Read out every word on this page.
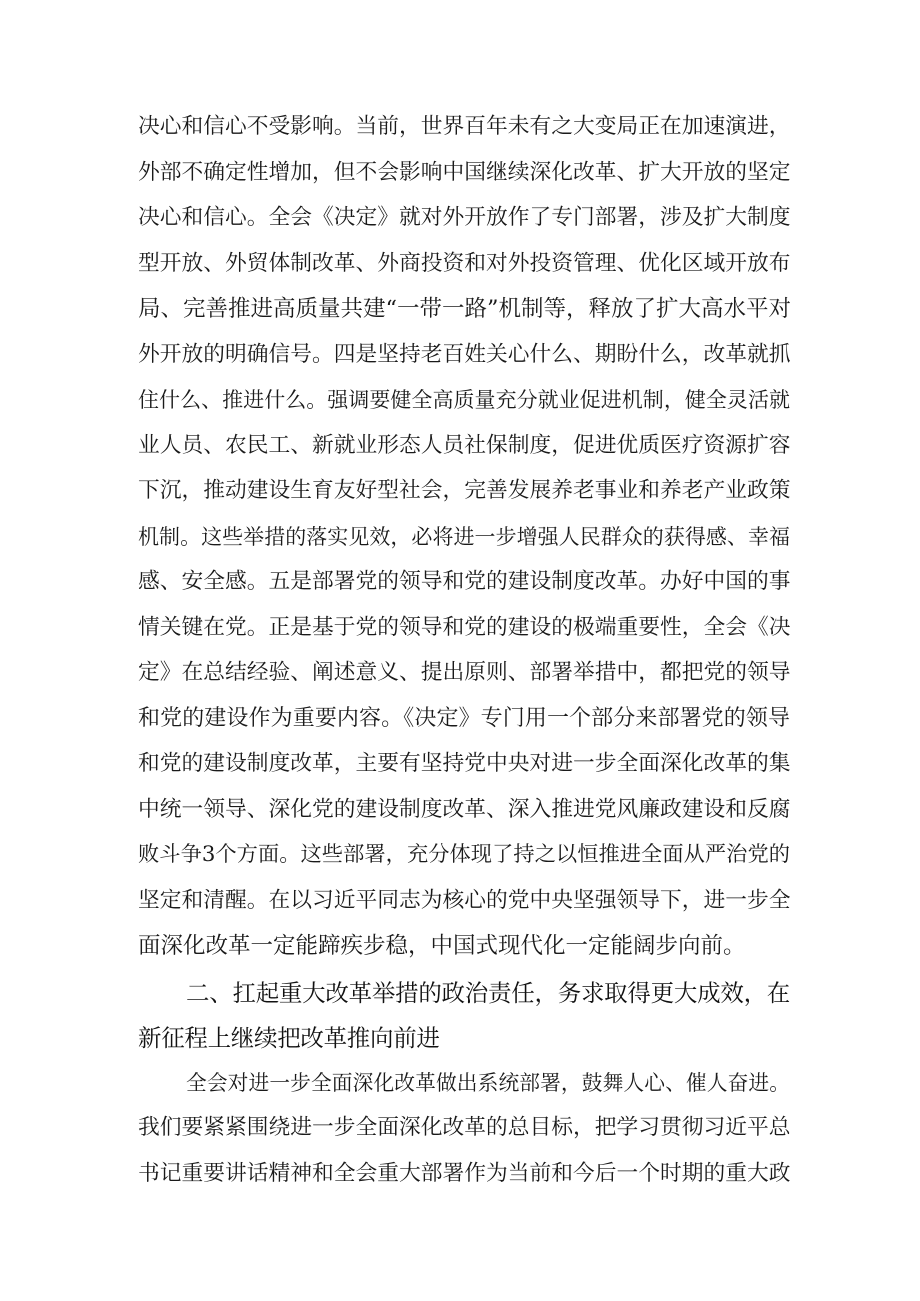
决心和信心不受影响。当前，世界百年未有之大变局正在加速演进，
外部不确定性增加，但不会影响中国继续深化改革、扩大开放的坚定
决心和信心。全会《决定》就对外开放作了专门部署，涉及扩大制度
型开放、外贸体制改革、外商投资和对外投资管理、优化区域开放布
局、完善推进高质量共建“一带一路”机制等，释放了扩大高水平对
外开放的明确信号。四是坚持老百姓关心什么、期盼什么，改革就抓
住什么、推进什么。强调要健全高质量充分就业促进机制，健全灵活就
业人员、农民工、新就业形态人员社保制度，促进优质医疗资源扩容
下沉，推动建设生育友好型社会，完善发展养老事业和养老产业政策
机制。这些举措的落实见效，必将进一步增强人民群众的获得感、幸福
感、安全感。五是部署党的领导和党的建设制度改革。办好中国的事
情关键在党。正是基于党的领导和党的建设的极端重要性，全会《决
定》在总结经验、阐述意义、提出原则、部署举措中，都把党的领导
和党的建设作为重要内容。《决定》专门用一个部分来部署党的领导
和党的建设制度改革，主要有坚持党中央对进一步全面深化改革的集
中统一领导、深化党的建设制度改革、深入推进党风廉政建设和反腐
败斗争3个方面。这些部署，充分体现了持之以恒推进全面从严治党的
坚定和清醒。在以习近平同志为核心的党中央坚强领导下，进一步全
面深化改革一定能蹄疾步稳，中国式现代化一定能阔步向前。
二、扛起重大改革举措的政治责任，务求取得更大成效，在
新征程上继续把改革推向前进
全会对进一步全面深化改革做出系统部署，鼓舞人心、催人奋进。
我们要紧紧围绕进一步全面深化改革的总目标，把学习贯彻习近平总
书记重要讲话精神和全会重大部署作为当前和今后一个时期的重大政
